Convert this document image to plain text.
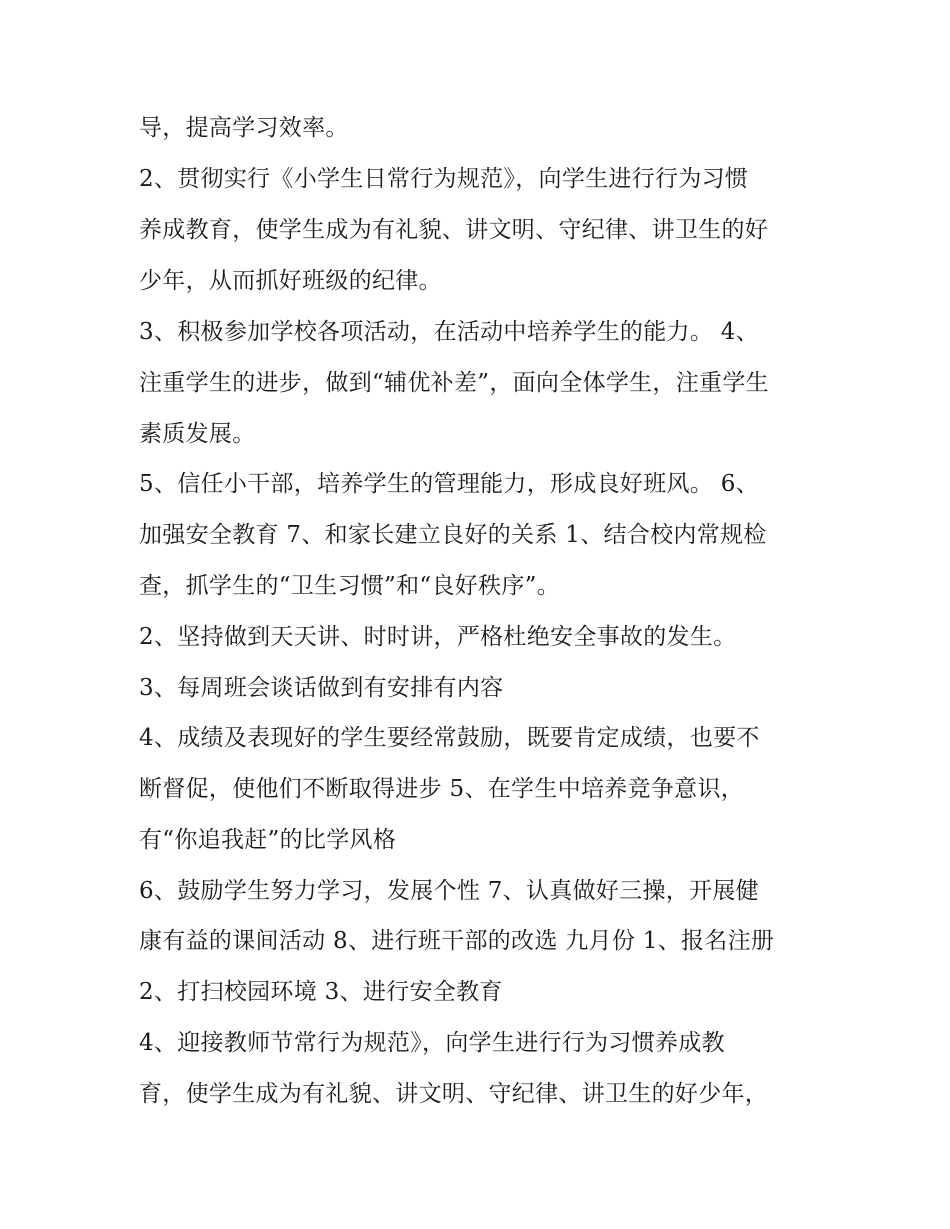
导，提高学习效率。
2、贯彻实行《小学生日常行为规范》，向学生进行行为习惯
养成教育，使学生成为有礼貌、讲文明、守纪律、讲卫生的好
少年，从而抓好班级的纪律。
3、积极参加学校各项活动，在活动中培养学生的能力。 4、
注重学生的进步，做到“辅优补差”，面向全体学生，注重学生
素质发展。
5、信任小干部，培养学生的管理能力，形成良好班风。 6、
加强安全教育 7、和家长建立良好的关系 1、结合校内常规检
查，抓学生的“卫生习惯”和“良好秩序”。
2、坚持做到天天讲、时时讲，严格杜绝安全事故的发生。
3、每周班会谈话做到有安排有内容
4、成绩及表现好的学生要经常鼓励，既要肯定成绩，也要不
断督促，使他们不断取得进步 5、在学生中培养竞争意识，
有“你追我赶”的比学风格
6、鼓励学生努力学习，发展个性 7、认真做好三操，开展健
康有益的课间活动 8、进行班干部的改选 九月份 1、报名注册
2、打扫校园环境 3、进行安全教育
4、迎接教师节常行为规范》，向学生进行行为习惯养成教
育，使学生成为有礼貌、讲文明、守纪律、讲卫生的好少年，
